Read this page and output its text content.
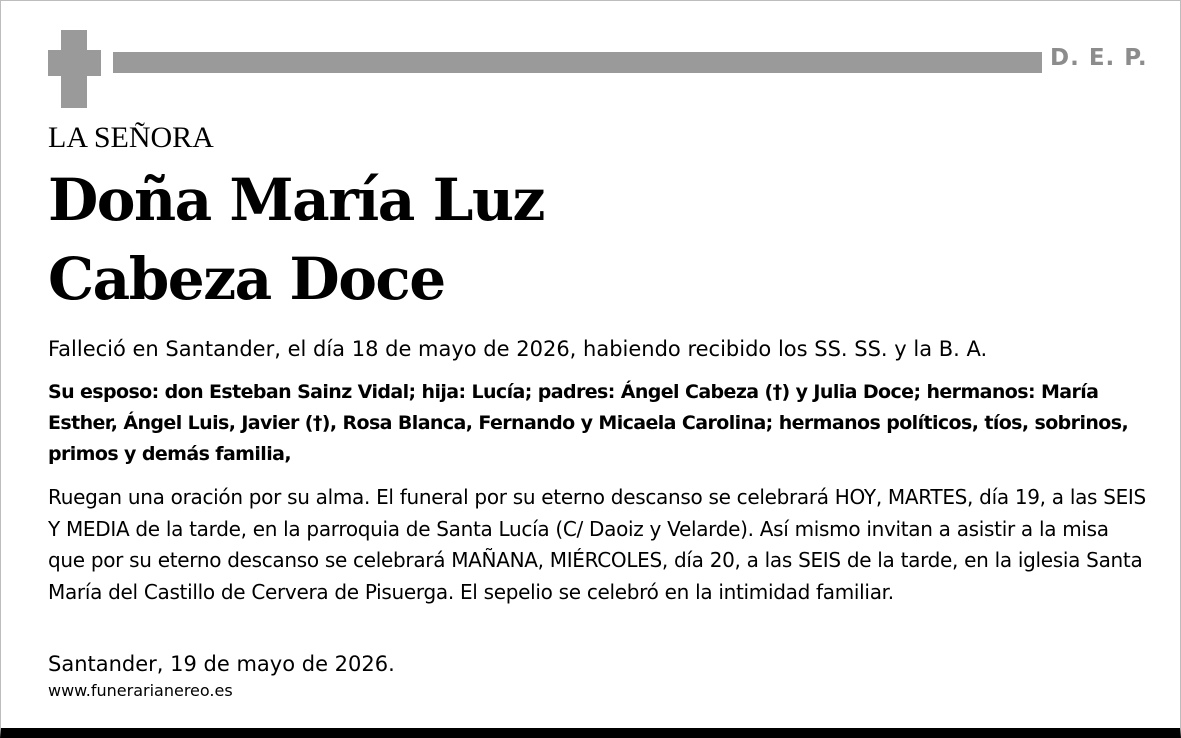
D. E. P.
LA SEÑORA
Doña María Luz
Cabeza Doce
Falleció en Santander, el día 18 de mayo de 2026, habiendo recibido los SS. SS. y la B. A.
Su esposo: don Esteban Sainz Vidal; hija: Lucía; padres: Ángel Cabeza (†) y Julia Doce; hermanos: María Esther, Ángel Luis, Javier (†), Rosa Blanca, Fernando y Micaela Carolina; hermanos políticos, tíos, sobrinos, primos y demás familia,
Ruegan una oración por su alma. El funeral por su eterno descanso se celebrará HOY, MARTES, día 19, a las SEIS Y MEDIA de la tarde, en la parroquia de Santa Lucía (C/ Daoiz y Velarde). Así mismo invitan a asistir a la misa que por su eterno descanso se celebrará MAÑANA, MIÉRCOLES, día 20, a las SEIS de la tarde, en la iglesia Santa María del Castillo de Cervera de Pisuerga. El sepelio se celebró en la intimidad familiar.
Santander, 19 de mayo de 2026.
www.funerarianereo.es
